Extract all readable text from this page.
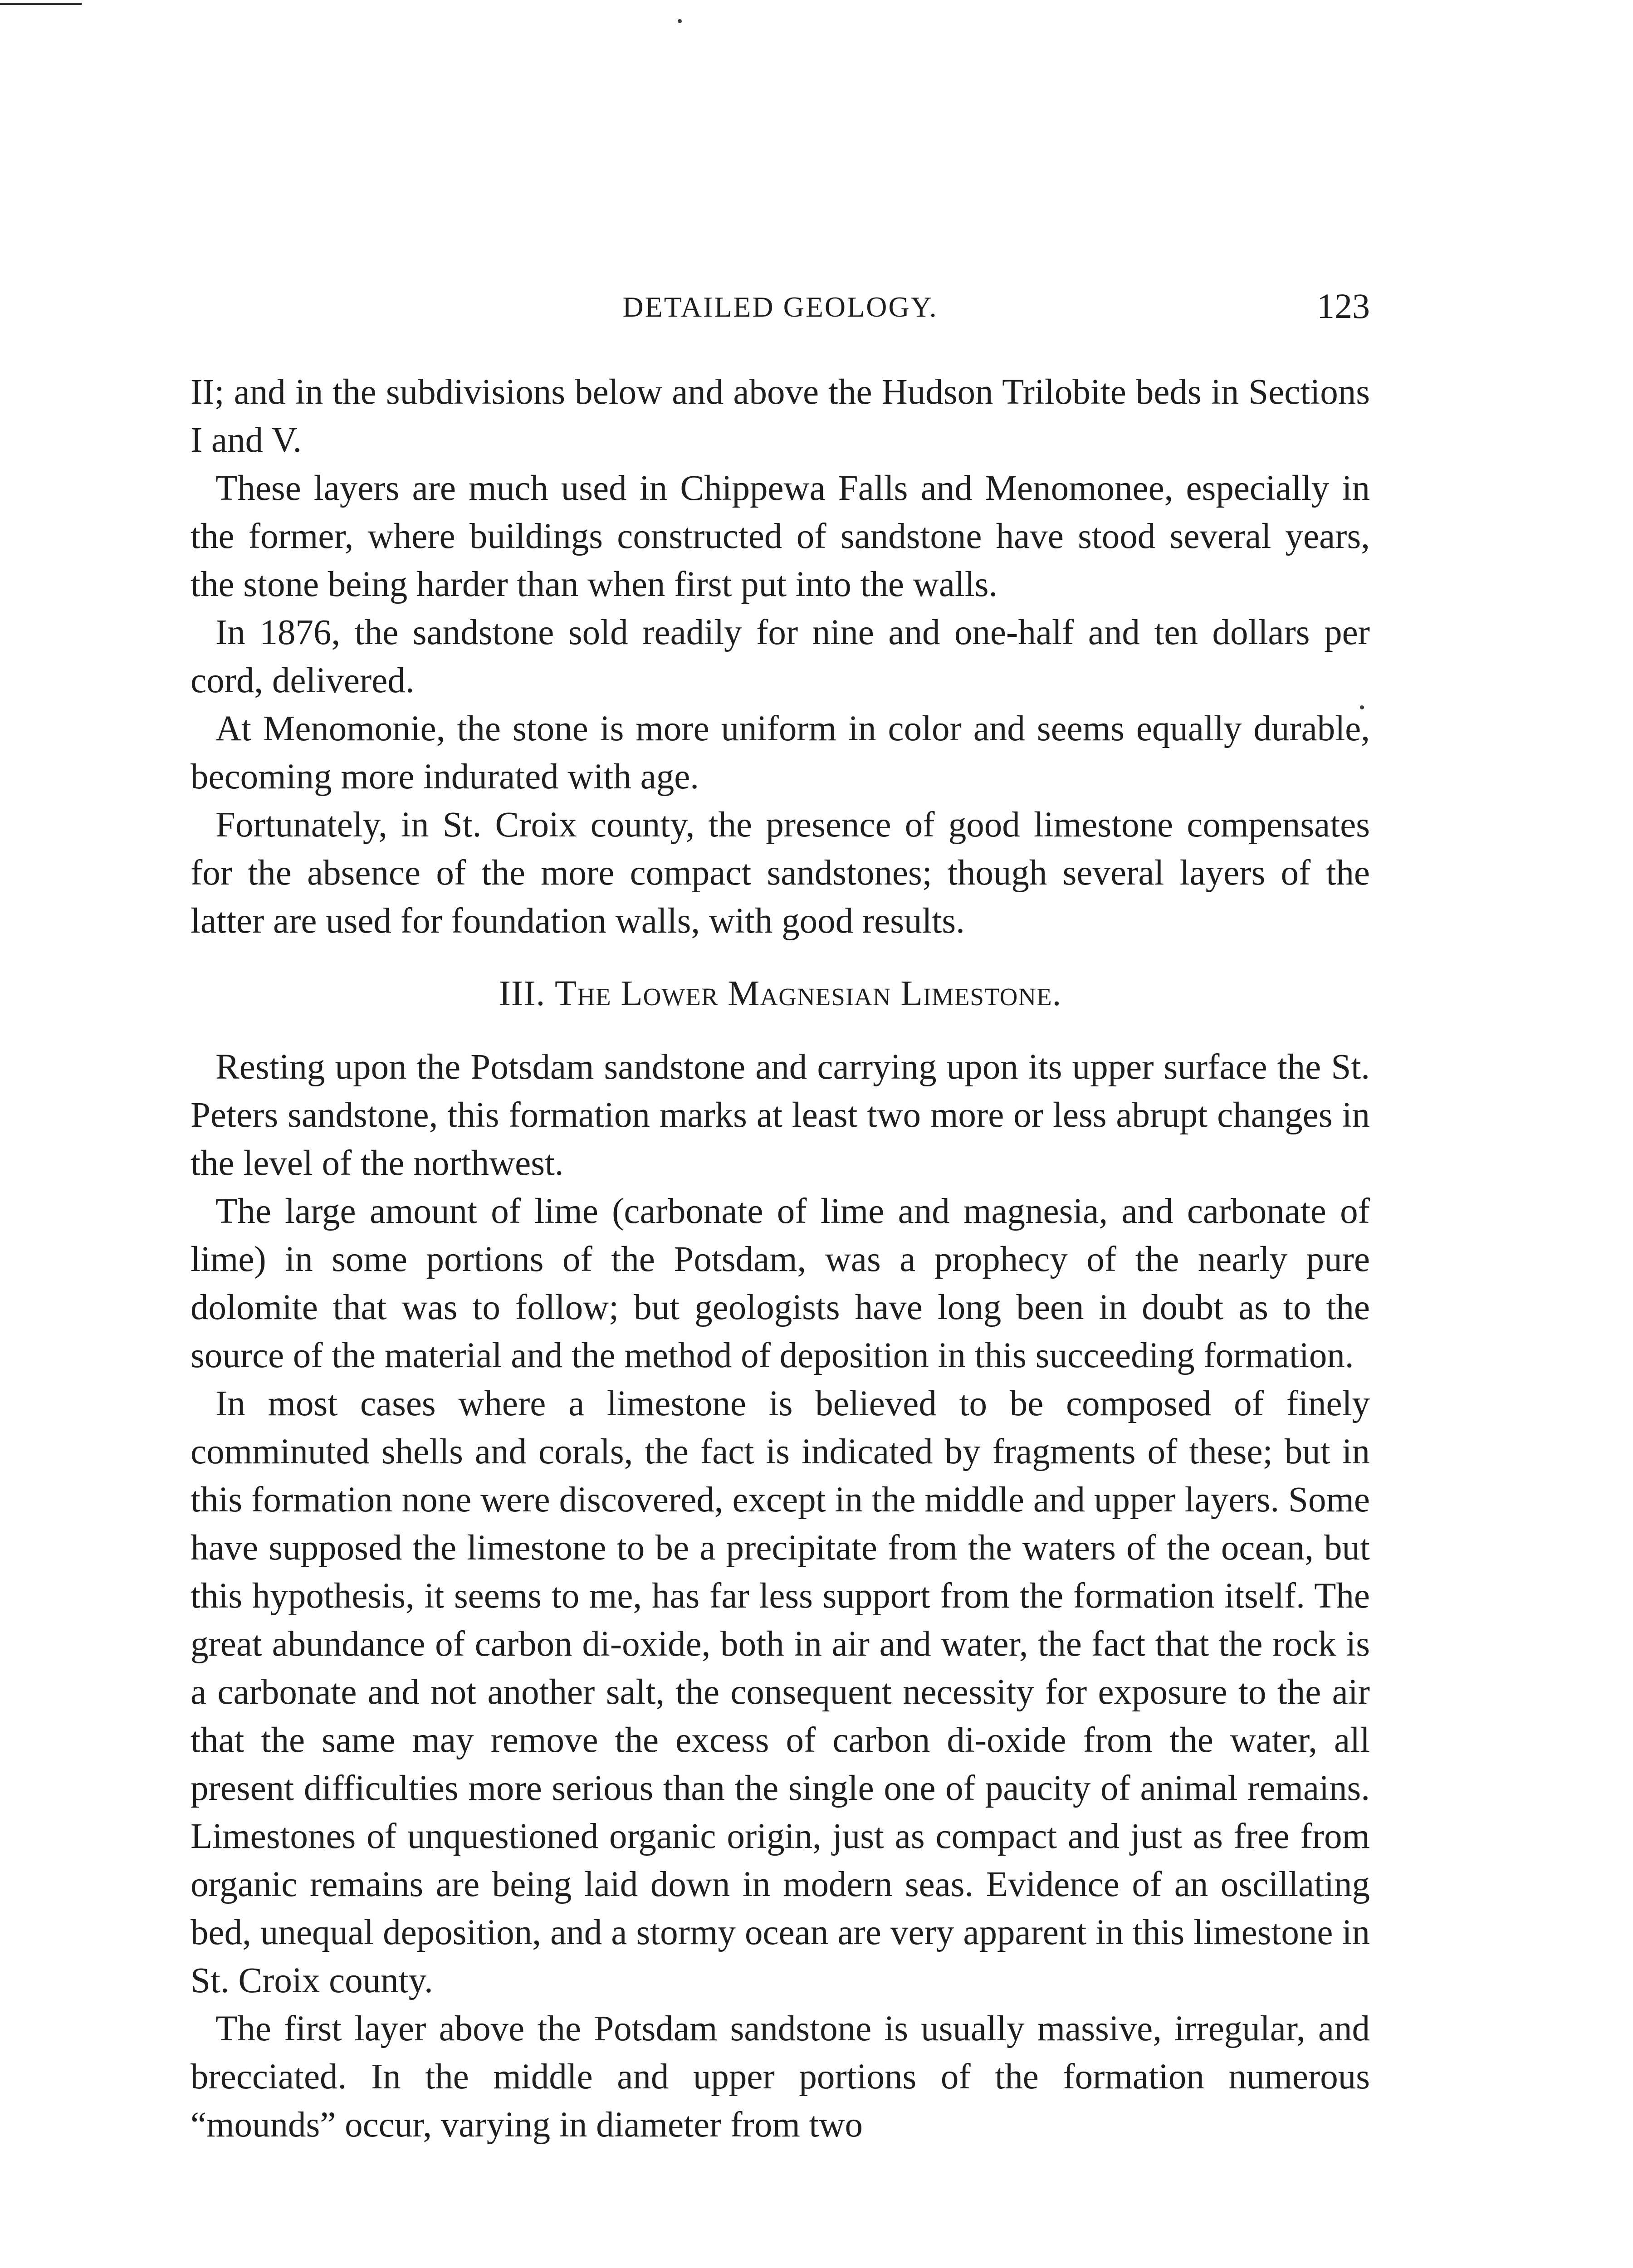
DETAILED GEOLOGY.	123

II; and in the subdivisions below and above the Hudson Trilobite beds in Sections I and V.

These layers are much used in Chippewa Falls and Menomonee, especially in the former, where buildings constructed of sandstone have stood several years, the stone being harder than when first put into the walls.

In 1876, the sandstone sold readily for nine and one-half and ten dollars per cord, delivered.

At Menomonie, the stone is more uniform in color and seems equally durable, becoming more indurated with age.

Fortunately, in St. Croix county, the presence of good limestone compensates for the absence of the more compact sandstones; though several layers of the latter are used for foundation walls, with good results.

III. The Lower Magnesian Limestone.

Resting upon the Potsdam sandstone and carrying upon its upper surface the St. Peters sandstone, this formation marks at least two more or less abrupt changes in the level of the northwest.

The large amount of lime (carbonate of lime and magnesia, and carbonate of lime) in some portions of the Potsdam, was a prophecy of the nearly pure dolomite that was to follow; but geologists have long been in doubt as to the source of the material and the method of deposition in this succeeding formation.

In most cases where a limestone is believed to be composed of finely comminuted shells and corals, the fact is indicated by fragments of these; but in this formation none were discovered, except in the middle and upper layers. Some have supposed the limestone to be a precipitate from the waters of the ocean, but this hypothesis, it seems to me, has far less support from the formation itself. The great abundance of carbon di-oxide, both in air and water, the fact that the rock is a carbonate and not another salt, the consequent necessity for exposure to the air that the same may remove the excess of carbon di-oxide from the water, all present difficulties more serious than the single one of paucity of animal remains. Limestones of unquestioned organic origin, just as compact and just as free from organic remains are being laid down in modern seas. Evidence of an oscillating bed, unequal deposition, and a stormy ocean are very apparent in this limestone in St. Croix county.

The first layer above the Potsdam sandstone is usually massive, irregular, and brecciated. In the middle and upper portions of the formation numerous “mounds” occur, varying in diameter from two
